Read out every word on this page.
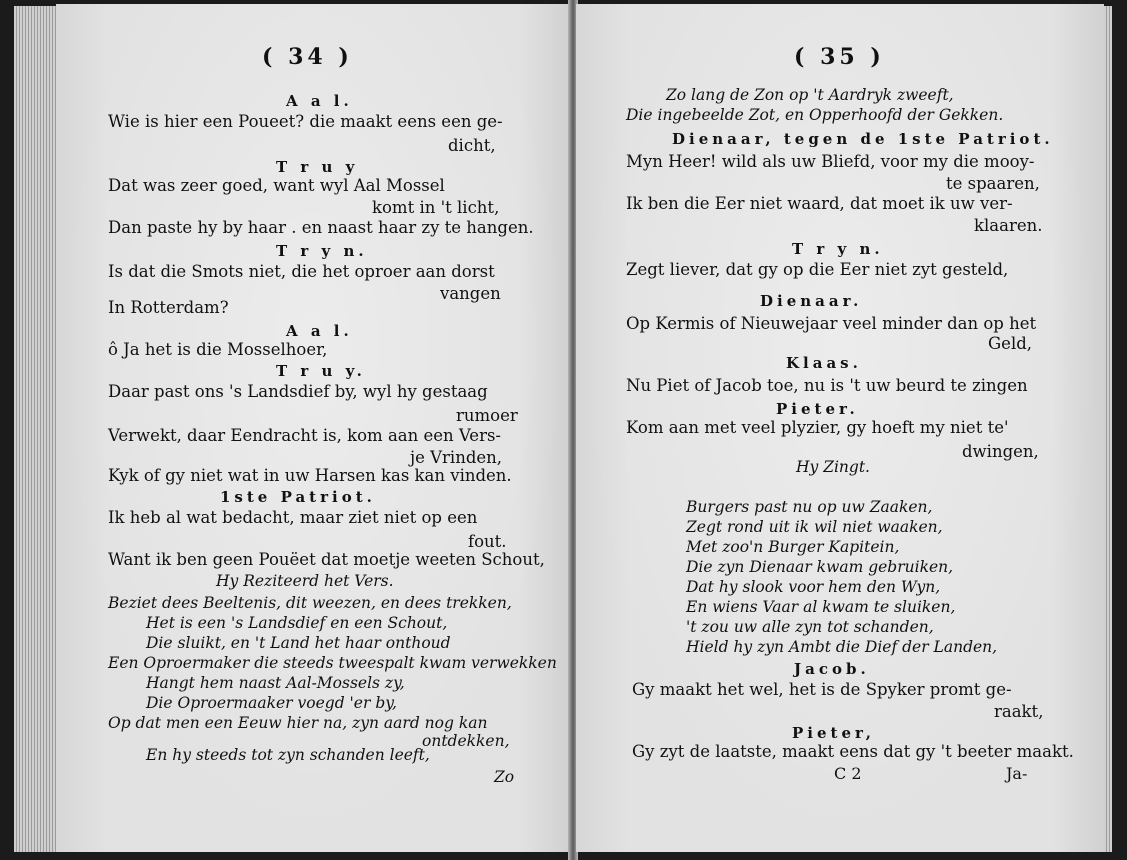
( 34 )
A a l.
Wie is hier een Poueet? die maakt eens een ge-
dicht,
T r u y
Dat was zeer goed, want wyl Aal Mossel
komt in 't licht,
Dan paste hy by haar . en naast haar zy te hangen.
T r y n.
Is dat die Smots niet, die het oproer aan dorst
vangen
In Rotterdam?
A a l.
ô Ja het is die Mosselhoer,
T r u y.
Daar past ons 's Landsdief by, wyl hy gestaag
rumoer
Verwekt, daar Eendracht is, kom aan een Vers-
je Vrinden,
Kyk of gy niet wat in uw Harsen kas kan vinden.
1ste Patriot.
Ik heb al wat bedacht, maar ziet niet op een
fout.
Want ik ben geen Pouëet dat moetje weeten Schout,
Hy Reziteerd het Vers.
Beziet dees Beeltenis, dit weezen, en dees trekken,
Het is een 's Landsdief en een Schout,
Die sluikt, en 't Land het haar onthoud
Een Oproermaker die steeds tweespalt kwam verwekken
Hangt hem naast Aal-Mossels zy,
Die Oproermaaker voegd 'er by,
Op dat men een Eeuw hier na, zyn aard nog kan
ontdekken,
En hy steeds tot zyn schanden leeft,
Zo
( 35 )
Zo lang de Zon op 't Aardryk zweeft,
Die ingebeelde Zot, en Opperhoofd der Gekken.
Dienaar, tegen de 1ste Patriot.
Myn Heer! wild als uw Bliefd, voor my die mooy-
te spaaren,
Ik ben die Eer niet waard, dat moet ik uw ver-
klaaren.
T r y n.
Zegt liever, dat gy op die Eer niet zyt gesteld,
Dienaar.
Op Kermis of Nieuwejaar veel minder dan op het
Geld,
Klaas.
Nu Piet of Jacob toe, nu is 't uw beurd te zingen
Pieter.
Kom aan met veel plyzier, gy hoeft my niet te'
dwingen,
Hy Zingt.
Burgers past nu op uw Zaaken,
Zegt rond uit ik wil niet waaken,
Met zoo'n Burger Kapitein,
Die zyn Dienaar kwam gebruiken,
Dat hy slook voor hem den Wyn,
En wiens Vaar al kwam te sluiken,
't zou uw alle zyn tot schanden,
Hield hy zyn Ambt die Dief der Landen,
Jacob.
Gy maakt het wel, het is de Spyker promt ge-
raakt,
Pieter,
Gy zyt de laatste, maakt eens dat gy 't beeter maakt.
C 2	Ja-
